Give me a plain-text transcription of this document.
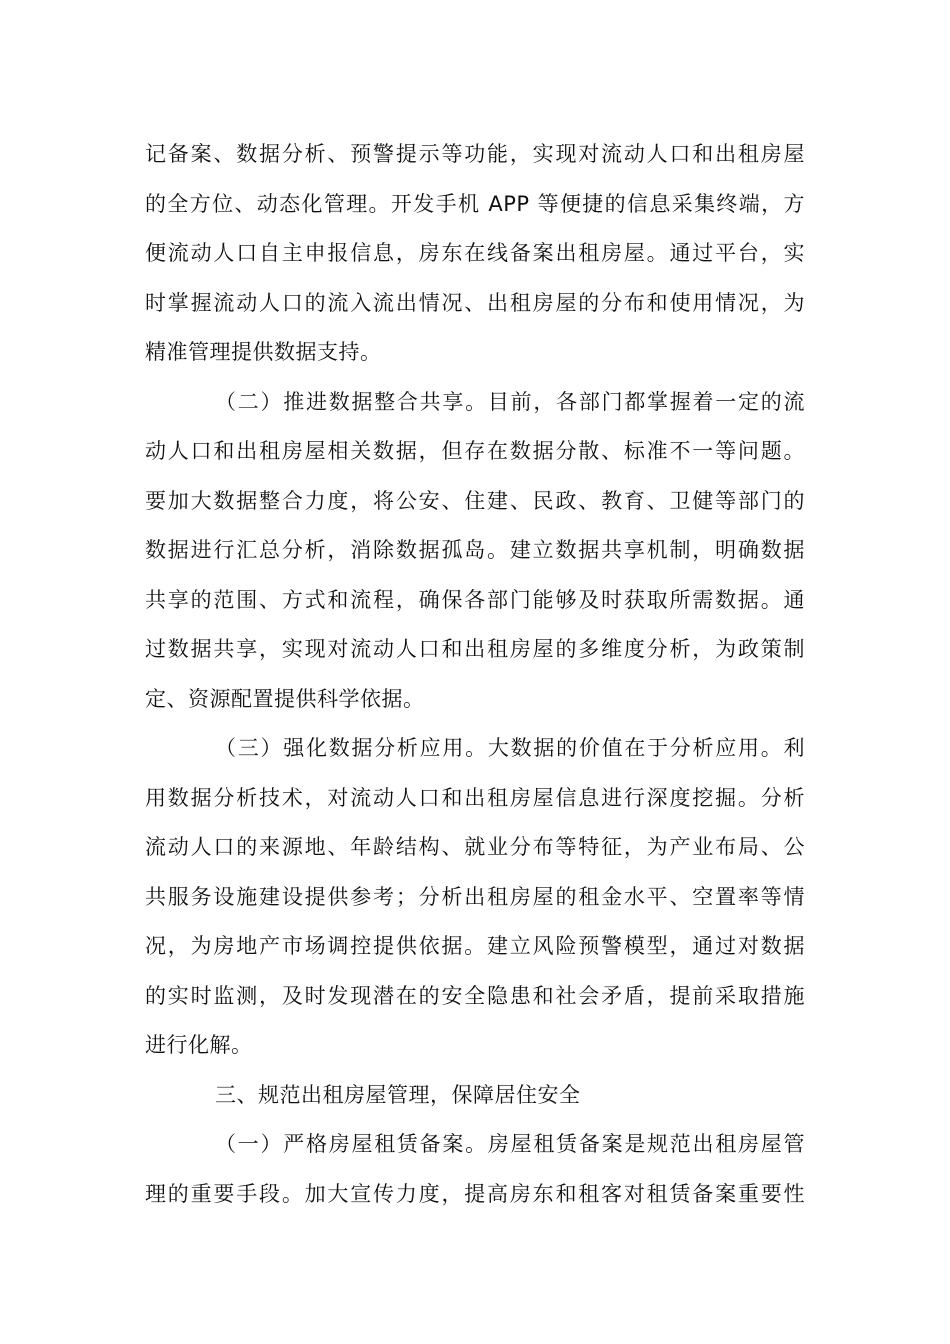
记备案、数据分析、预警提示等功能，实现对流动人口和出租房屋
的全方位、动态化管理。开发手机 APP 等便捷的信息采集终端，方
便流动人口自主申报信息，房东在线备案出租房屋。通过平台，实
时掌握流动人口的流入流出情况、出租房屋的分布和使用情况，为
精准管理提供数据支持。
（二）推进数据整合共享。目前，各部门都掌握着一定的流
动人口和出租房屋相关数据，但存在数据分散、标准不一等问题。
要加大数据整合力度，将公安、住建、民政、教育、卫健等部门的
数据进行汇总分析，消除数据孤岛。建立数据共享机制，明确数据
共享的范围、方式和流程，确保各部门能够及时获取所需数据。通
过数据共享，实现对流动人口和出租房屋的多维度分析，为政策制
定、资源配置提供科学依据。
（三）强化数据分析应用。大数据的价值在于分析应用。利
用数据分析技术，对流动人口和出租房屋信息进行深度挖掘。分析
流动人口的来源地、年龄结构、就业分布等特征，为产业布局、公
共服务设施建设提供参考；分析出租房屋的租金水平、空置率等情
况，为房地产市场调控提供依据。建立风险预警模型，通过对数据
的实时监测，及时发现潜在的安全隐患和社会矛盾，提前采取措施
进行化解。
三、规范出租房屋管理，保障居住安全
（一）严格房屋租赁备案。房屋租赁备案是规范出租房屋管
理的重要手段。加大宣传力度，提高房东和租客对租赁备案重要性
